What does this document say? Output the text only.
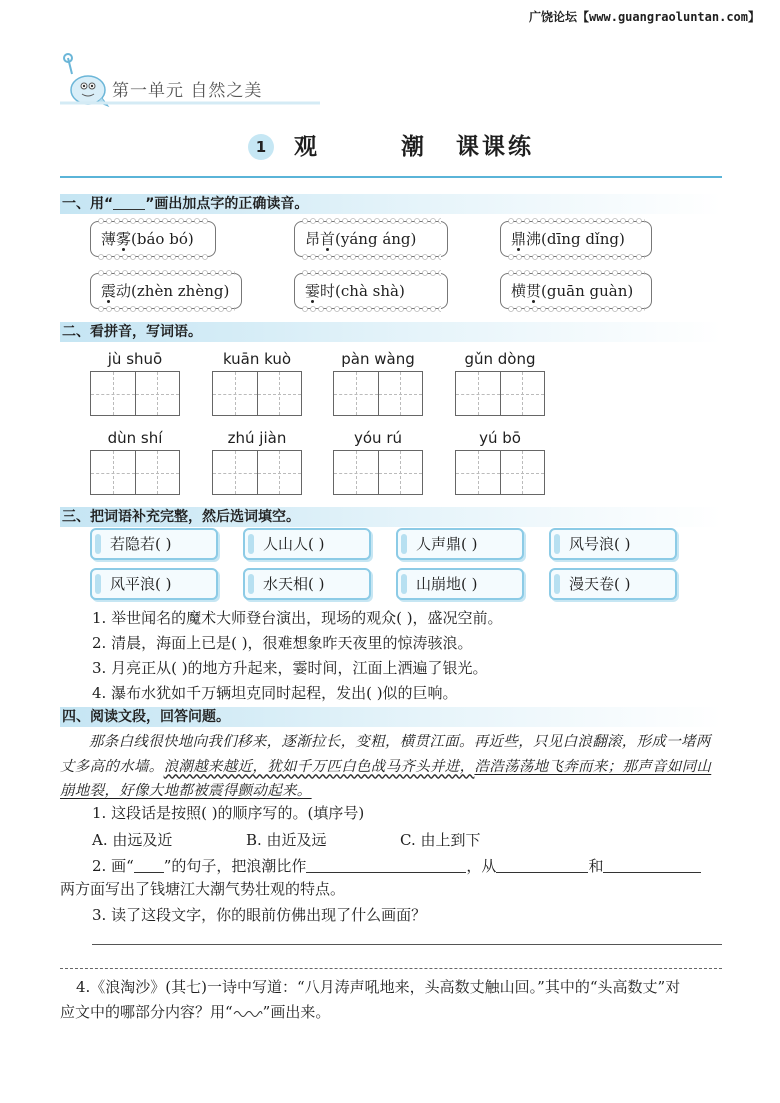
广饶论坛【www.guangraoluntan.com】
第一单元 自然之美
1	观 潮
课课练
一、用“ ”画出加点字的正确读音。
薄雾(báo bó)	昂首(yáng áng)	鼎沸(dīng dǐng)
震动(zhèn zhèng)	霎时(chà shà)	横贯(guān guàn)
二、看拼音，写词语。
jù shuō	kuān kuò	pàn wàng	gǔn dòng
dùn shí	zhú jiàn	yóu rú	yú bō
三、把词语补充完整，然后选词填空。
若隐若( )	人山人( )	人声鼎( )	风号浪( )
风平浪( )	水天相( )	山崩地( )	漫天卷( )
1. 举世闻名的魔术大师登台演出，现场的观众( )，盛况空前。
2. 清晨，海面上已是( )，很难想象昨天夜里的惊涛骇浪。
3. 月亮正从( )的地方升起来，霎时间，江面上洒遍了银光。
4. 瀑布水犹如千万辆坦克同时起程，发出( )似的巨响。
四、阅读文段，回答问题。
那条白线很快地向我们移来，逐渐拉长，变粗，横贯江面。再近些，只见白浪翻滚，形成一堵两丈多高的水墙。浪潮越来越近，犹如千万匹白色战马齐头并进，浩浩荡荡地飞奔而来；那声音如同山崩地裂，好像大地都被震得颤动起来。
1. 这段话是按照( )的顺序写的。(填序号)
A. 由远及近	B. 由近及远	C. 由上到下
2. 画“ ”的句子，把浪潮比作	，从	和
两方面写出了钱塘江大潮气势壮观的特点。
3. 读了这段文字，你的眼前仿佛出现了什么画面？
4.《浪淘沙》(其七)一诗中写道：“八月涛声吼地来，头高数丈触山回。”其中的“头高数丈”对
应文中的哪部分内容？用“ ”画出来。
